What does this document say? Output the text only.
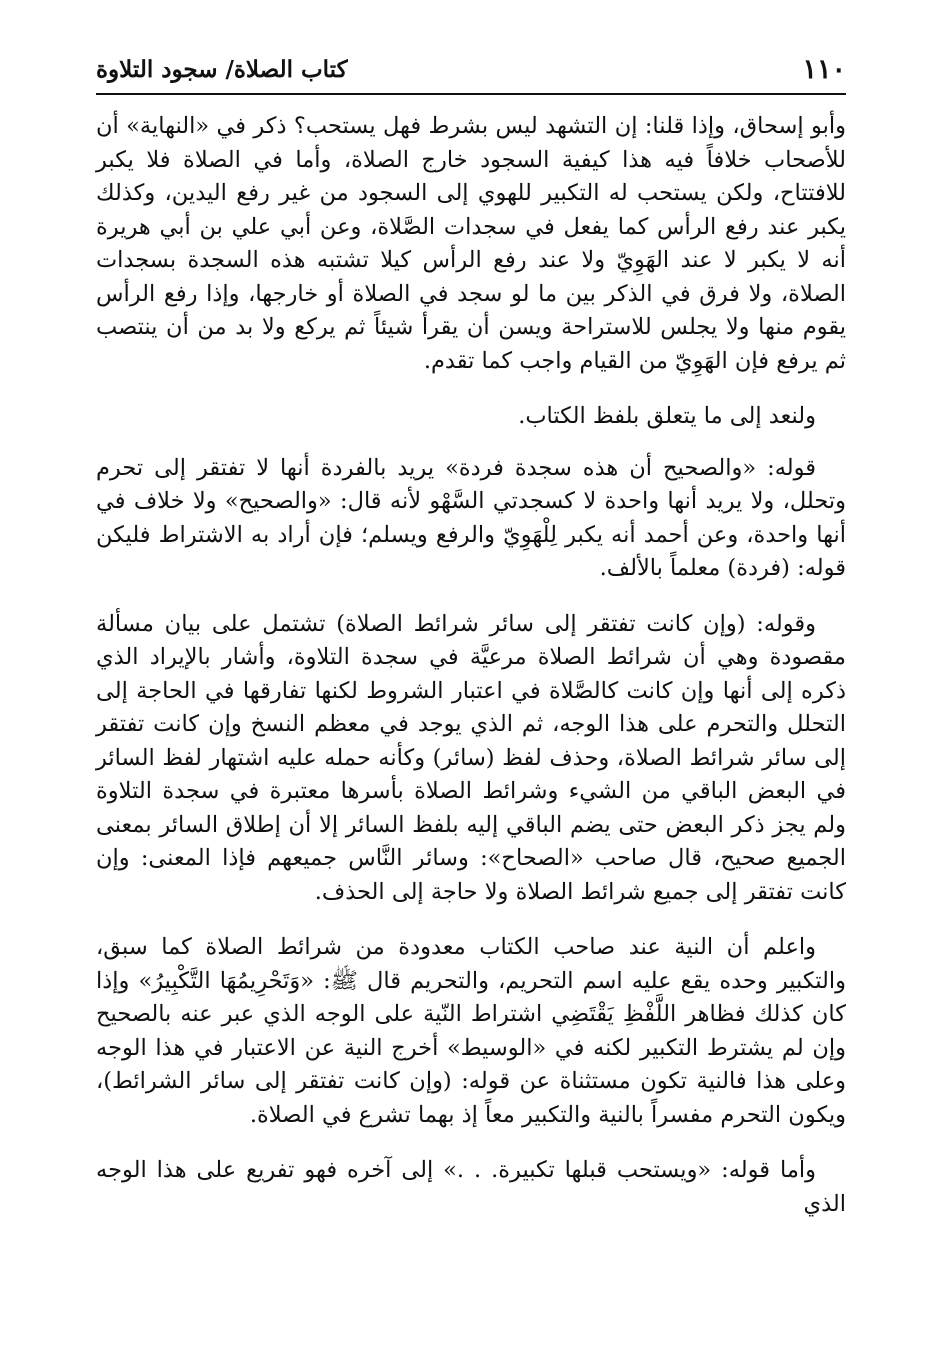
١١٠
كتاب الصلاة/ سجود التلاوة

وأبو إسحاق، وإذا قلنا: إن التشهد ليس بشرط فهل يستحب؟ ذكر في «النهاية» أن للأصحاب خلافاً فيه هذا كيفية السجود خارج الصلاة، وأما في الصلاة فلا يكبر للافتتاح، ولكن يستحب له التكبير للهوي إلى السجود من غير رفع اليدين، وكذلك يكبر عند رفع الرأس كما يفعل في سجدات الصَّلاة، وعن أبي علي بن أبي هريرة أنه لا يكبر لا عند الهَوِيّ ولا عند رفع الرأس كيلا تشتبه هذه السجدة بسجدات الصلاة، ولا فرق في الذكر بين ما لو سجد في الصلاة أو خارجها، وإذا رفع الرأس يقوم منها ولا يجلس للاستراحة ويسن أن يقرأ شيئاً ثم يركع ولا بد من أن ينتصب ثم يرفع فإن الهَوِيّ من القيام واجب كما تقدم.

ولنعد إلى ما يتعلق بلفظ الكتاب.

قوله: «والصحيح أن هذه سجدة فردة» يريد بالفردة أنها لا تفتقر إلى تحرم وتحلل، ولا يريد أنها واحدة لا كسجدتي السَّهْو لأنه قال: «والصحيح» ولا خلاف في أنها واحدة، وعن أحمد أنه يكبر لِلْهَوِيّ والرفع ويسلم؛ فإن أراد به الاشتراط فليكن قوله: (فردة) معلماً بالألف.

وقوله: (وإن كانت تفتقر إلى سائر شرائط الصلاة) تشتمل على بيان مسألة مقصودة وهي أن شرائط الصلاة مرعيَّة في سجدة التلاوة، وأشار بالإيراد الذي ذكره إلى أنها وإن كانت كالصَّلاة في اعتبار الشروط لكنها تفارقها في الحاجة إلى التحلل والتحرم على هذا الوجه، ثم الذي يوجد في معظم النسخ وإن كانت تفتقر إلى سائر شرائط الصلاة، وحذف لفظ (سائر) وكأنه حمله عليه اشتهار لفظ السائر في البعض الباقي من الشيء وشرائط الصلاة بأسرها معتبرة في سجدة التلاوة ولم يجز ذكر البعض حتى يضم الباقي إليه بلفظ السائر إلا أن إطلاق السائر بمعنى الجميع صحيح، قال صاحب «الصحاح»: وسائر النَّاس جميعهم فإذا المعنى: وإن كانت تفتقر إلى جميع شرائط الصلاة ولا حاجة إلى الحذف.

واعلم أن النية عند صاحب الكتاب معدودة من شرائط الصلاة كما سبق، والتكبير وحده يقع عليه اسم التحريم، والتحريم قال ﷺ: «وَتَحْرِيمُهَا التَّكْبِيرُ» وإذا كان كذلك فظاهر اللَّفْظِ يَقْتَضِي اشتراط النّية على الوجه الذي عبر عنه بالصحيح وإن لم يشترط التكبير لكنه في «الوسيط» أخرج النية عن الاعتبار في هذا الوجه وعلى هذا فالنية تكون مستثناة عن قوله: (وإن كانت تفتقر إلى سائر الشرائط)، ويكون التحرم مفسراً بالنية والتكبير معاً إذ بهما تشرع في الصلاة.

وأما قوله: «ويستحب قبلها تكبيرة. . .» إلى آخره فهو تفريع على هذا الوجه الذي
